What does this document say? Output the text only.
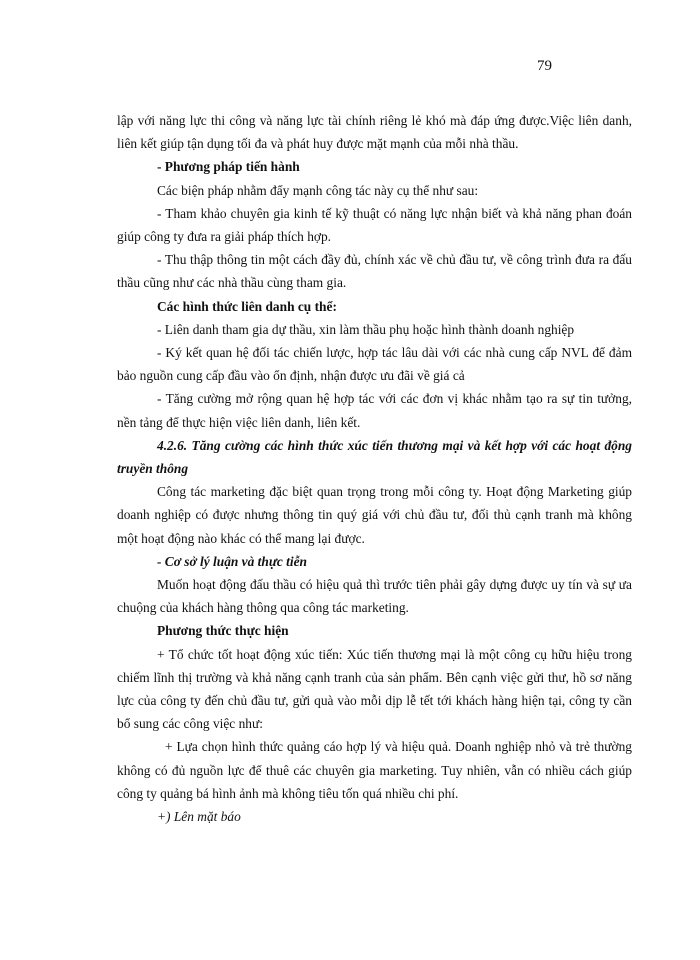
79

lập với năng lực thi công và năng lực tài chính riêng lẻ khó mà đáp ứng được.Việc liên danh, liên kết giúp tận dụng tối đa và phát huy được mặt mạnh của mỗi nhà thầu.

- Phương pháp tiến hành

Các biện pháp nhằm đẩy mạnh công tác này cụ thể như sau:

- Tham khảo chuyên gia kinh tế kỹ thuật có năng lực nhận biết và khả năng phan đoán giúp công ty đưa ra giải pháp thích hợp.

- Thu thập thông tin một cách đầy đủ, chính xác về chủ đầu tư, về công trình đưa ra đấu thầu cũng như các nhà thầu cùng tham gia.

Các hình thức liên danh cụ thể:

- Liên danh tham gia dự thầu, xin làm thầu phụ hoặc hình thành doanh nghiệp

- Ký kết quan hệ đối tác chiến lược, hợp tác lâu dài với các nhà cung cấp NVL để đảm bảo nguồn cung cấp đầu vào ổn định, nhận được ưu đãi về giá cả

- Tăng cường mở rộng quan hệ hợp tác với các đơn vị khác nhằm tạo ra sự tin tưởng, nền tảng để thực hiện việc liên danh, liên kết.

4.2.6. Tăng cường các hình thức xúc tiến thương mại và kết hợp với các hoạt động truyền thông

Công tác marketing đặc biệt quan trọng trong mỗi công ty. Hoạt động Marketing giúp doanh nghiệp có được nhưng thông tin quý giá với chủ đầu tư, đối thủ cạnh tranh mà không một hoạt động nào khác có thể mang lại được.

- Cơ sở lý luận và thực tiễn

Muốn hoạt động đấu thầu có hiệu quả thì trước tiên phải gây dựng được uy tín và sự ưa chuộng của khách hàng thông qua công tác marketing.

Phương thức thực hiện

+ Tổ chức tốt hoạt động xúc tiến: Xúc tiến thương mại là một công cụ hữu hiệu trong chiếm lĩnh thị trường và khả năng cạnh tranh của sản phẩm. Bên cạnh việc gửi thư, hồ sơ năng lực của công ty đến chủ đầu tư, gửi quà vào mỗi dịp lễ tết tới khách hàng hiện tại, công ty cần bổ sung các công việc như:

+ Lựa chọn hình thức quảng cáo hợp lý và hiệu quả. Doanh nghiệp nhỏ và trẻ thường không có đủ nguồn lực để thuê các chuyên gia marketing. Tuy nhiên, vẫn có nhiều cách giúp công ty quảng bá hình ảnh mà không tiêu tốn quá nhiều chi phí.

+) Lên mặt báo
